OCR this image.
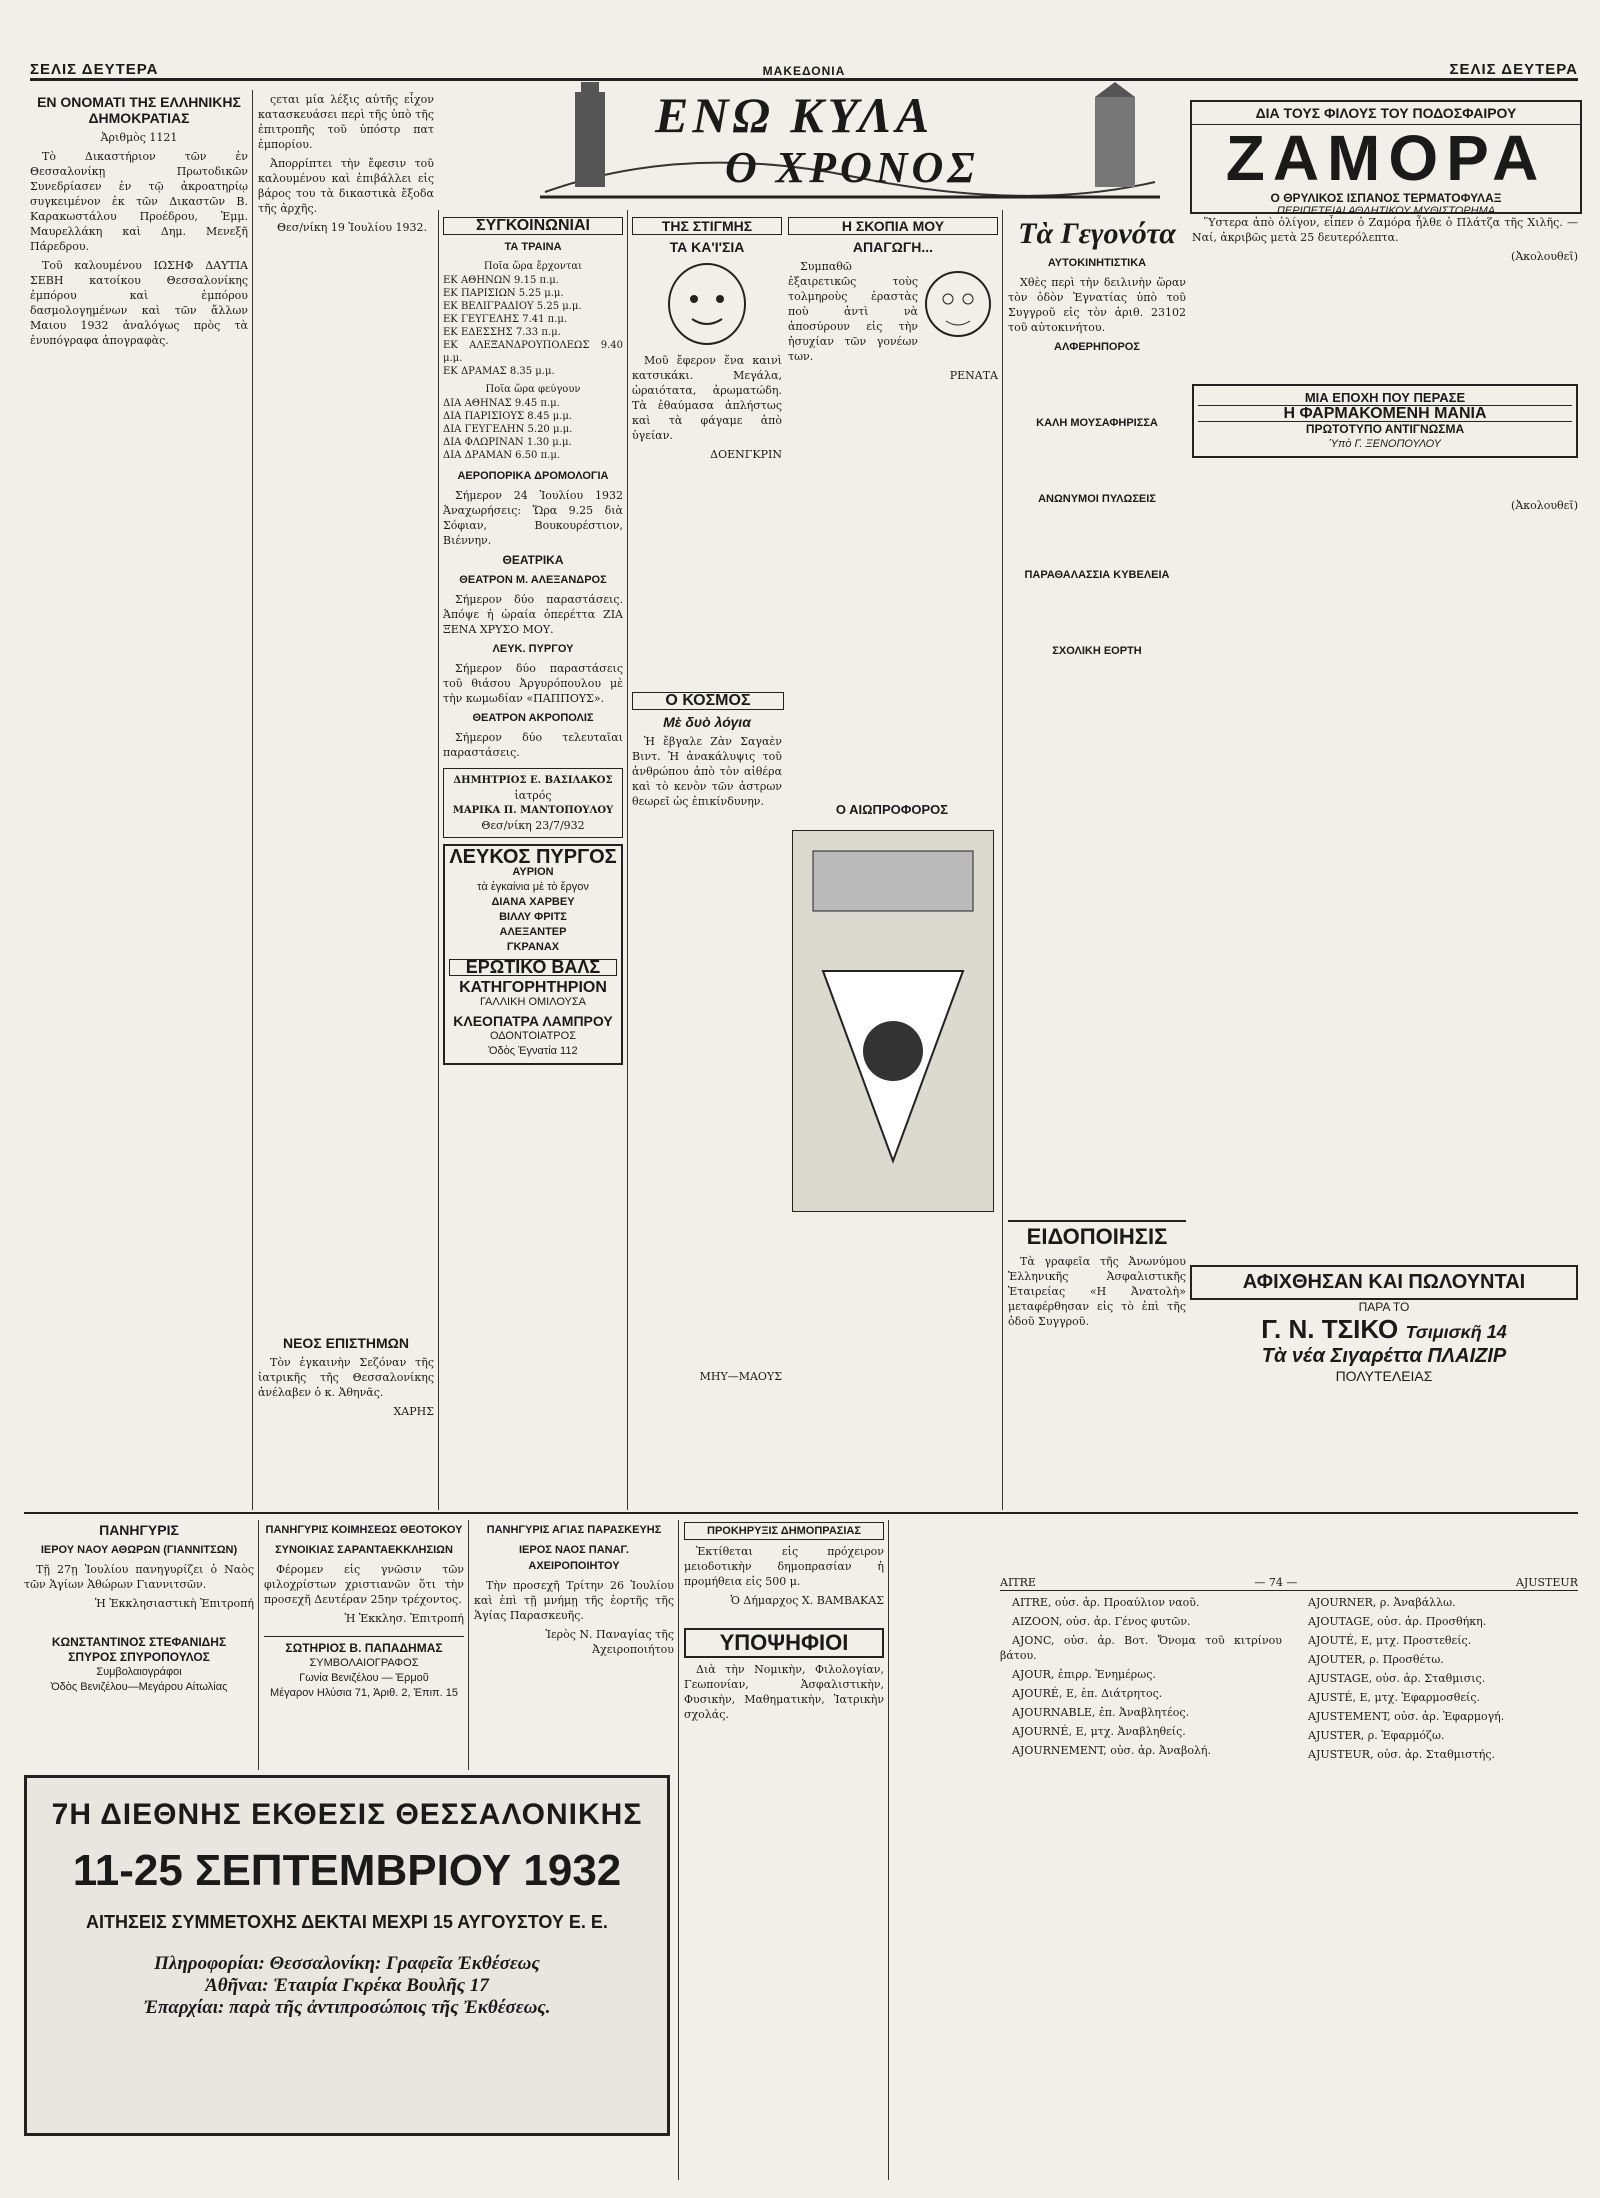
ΣΕΛΙΣ ΔΕΥΤΕΡΑ	ΜΑΚΕΔΟΝΙΑ	ΣΕΛΙΣ ΔΕΥΤΕΡΑ
ΕΝΩ ΚΥΛΑ
Ο ΧΡΟΝΟΣ
ΔΙΑ ΤΟΥΣ ΦΙΛΟΥΣ ΤΟΥ ΠΟΔΟΣΦΑΙΡΟΥ
ΖΑΜΟΡΑ
Ο ΘΡΥΛΙΚΟΣ ΙΣΠΑΝΟΣ ΤΕΡΜΑΤΟΦΥΛΑΞ
ΠΕΡΙΠΕΤΕΙΑΙ ΑΘΛΗΤΙΚΟΥ ΜΥΘΙΣΤΟΡΗΜΑ
ΕΝ ΟΝΟΜΑΤΙ ΤΗΣ ΕΛΛΗΝΙΚΗΣ ΔΗΜΟΚΡΑΤΙΑΣ

Ἀριθμὸς 1121

Τὸ Δικαστήριον τῶν ἐν Θεσσαλονίκῃ Πρωτοδικῶν Συνεδρίασεν ἐν τῷ ἀκροατηρίῳ συγκειμένον ἐκ τῶν Δικαστῶν Β. Καρακωστάλου Προέδρου, Ἐμμ. Μαυρελλάκη καὶ Δημ. Μενεξῆ Πάρεδρου.

Τοῦ καλουμένου ΙΩΣΗΦ ΔΑΥΤΙΑ ΣΕΒΗ κατοίκου Θεσσαλονίκης ἐμπόρου καὶ ἐμπόρου δασμολογημένων καὶ τῶν ἄλλων Μαιου 1932 ἀναλόγως πρὸς τὰ ἐνυπόγραφα ἀπογραφὰς.

ςεται μία λέξις αὐτῆς εἶχον κατασκευάσει περὶ τῆς ὑπὸ τῆς ἐπιτροπῆς τοῦ ὑπόστρ πατ ἐμπορίου.

Ἀπορρίπτει τὴν ἔφεσιν τοῦ καλουμένου καὶ ἐπιβάλλει εἰς βάρος του τὰ δικαστικὰ ἔξοδα τῆς ἀρχῆς.

Θεσ/νίκη 19 Ἰουλίου 1932.

ΝΕΟΣ ΕΠΙΣΤΗΜΩΝ

Τὸν ἐγκαινὴν Σεζόναν τῆς ἰατρικῆς τῆς Θεσσαλονίκης ἀνέλαβεν ὁ κ. Ἀθηνᾶς.

ΧΑΡΗΣ

ΣΥΓΚΟΙΝΩΝΙΑΙ
ΤΑ ΤΡΑΙΝΑ
Ποῖα ὥρα ἔρχονται
ΕΚ ΑΘΗΝΩΝ 9.15 π.μ.
ΕΚ ΠΑΡΙΣΙΩΝ 5.25 μ.μ.
ΕΚ ΒΕΛΙΓΡΑΔΙΟΥ 5.25 μ.μ.
ΕΚ ΓΕΥΓΕΛΗΣ 7.41 π.μ.
ΕΚ ΕΔΕΣΣΗΣ 7.33 π.μ.
ΕΚ ΑΛΕΞΑΝΔΡΟΥΠΟΛΕΩΣ 9.40 μ.μ.
ΕΚ ΔΡΑΜΑΣ 8.35 μ.μ.
Ποῖα ὥρα φεύγουν
ΔΙΑ ΑΘΗΝΑΣ 9.45 π.μ.
ΔΙΑ ΠΑΡΙΣΙΟΥΣ 8.45 μ.μ.
ΔΙΑ ΓΕΥΓΕΛΗΝ 5.20 μ.μ.
ΔΙΑ ΦΛΩΡΙΝΑΝ 1.30 μ.μ.
ΔΙΑ ΔΡΑΜΑΝ 6.50 π.μ.
ΑΕΡΟΠΟΡΙΚΑ ΔΡΟΜΟΛΟΓΙΑ

Σήμερον 24 Ἰουλίου 1932 Ἀναχωρήσεις: Ὥρα 9.25 διὰ Σόφιαν, Βουκουρέστιον, Βιέννην.

ΘΕΑΤΡΙΚΑ
ΘΕΑΤΡΟΝ Μ. ΑΛΕΞΑΝΔΡΟΣ

Σήμερον δύο παραστάσεις. Ἀπόψε ἡ ὡραία ὀπερέττα ΖΙΑ ΞΕΝΑ ΧΡΥΣΟ ΜΟΥ.

ΛΕΥΚ. ΠΥΡΓΟΥ

Σήμερον δύο παραστάσεις τοῦ θιάσου Ἀργυρόπουλου μὲ τὴν κωμωδίαν «ΠΑΠΠΟΥΣ».

ΘΕΑΤΡΟΝ ΑΚΡΟΠΟΛΙΣ

Σήμερον δύο τελευταῖαι παραστάσεις.

ΔΗΜΗΤΡΙΟΣ Ε. ΒΑΣΙΛΑΚΟΣ
ἰατρός
ΜΑΡΙΚΑ Π. ΜΑΝΤΟΠΟΥΛΟΥ
Θεσ/νίκη 23/7/932
ΛΕΥΚΟΣ ΠΥΡΓΟΣ
ΑΥΡΙΟΝ
τὰ ἐγκαίνια μὲ τὸ ἔργον
ΔΙΑΝΑ ΧΑΡΒΕΥ
ΒΙΛΛΥ ΦΡΙΤΣ
ΑΛΕΞΑΝΤΕΡ
ΓΚΡΑΝΑΧ
ΕΡΩΤΙΚΟ ΒΑΛΣ
ΚΑΤΗΓΟΡΗΤΗΡΙΟΝ
ΓΑΛΛΙΚΗ ΟΜΙΛΟΥΣΑ
ΚΛΕΟΠΑΤΡΑ ΛΑΜΠΡΟΥ
ΟΔΟΝΤΟΙΑΤΡΟΣ
Ὁδὸς Ἐγνατία 112
ΤΗΣ ΣΤΙΓΜΗΣ
ΤΑ ΚΑ'Ι'ΣΙΑ

Μοῦ ἔφερον ἕνα καινὶ κατσικάκι. Μεγάλα, ὡραιότατα, ἀρωματώδη. Τὰ ἐθαύμασα ἀπλήστως καὶ τὰ φάγαμε ἀπὸ ὑγείαν.

ΔΟΕΝΓΚΡΙΝ

Η ΣΚΟΠΙΑ ΜΟΥ
ΑΠΑΓΩΓΗ...

Συμπαθῶ ἐξαιρετικῶς τοὺς τολμηροὺς ἐραστὰς ποὺ ἀντὶ νὰ ἀποσύρουν εἰς τὴν ἡσυχίαν τῶν γονέων των.

ΡΕΝΑΤΑ

Ο ΚΟΣΜΟΣ
Μὲ δυὸ λόγια

Ἡ ἔβγαλε Ζὰν Σαγαὲν Βιντ. Ἡ ἀνακάλυψις τοῦ ἀνθρώπου ἀπὸ τὸν αἰθέρα καὶ τὸ κενὸν τῶν ἀστρων θεωρεῖ ὡς ἐπικίνδυνην.

ΜΗΥ—ΜΑΟΥΣ

Ο ΑΙΩΠΡΟΦΟΡΟΣ
Τὰ Γεγονότα
ΑΥΤΟΚΙΝΗΤΙΣΤΙΚΑ

Χθὲς περὶ τὴν δειλινὴν ὥραν τὸν ὁδὸν Ἐγνατίας ὑπὸ τοῦ Συγγροῦ εἰς τὸν ἀριθ. 23102 τοῦ αὐτοκινήτου.

ΑΛΦΕΡΗΠΟΡΟΣ
ΚΑΛΗ ΜΟΥΣΑΦΗΡΙΣΣΑ
ΑΝΩΝΥΜΟΙ ΠΥΛΩΣΕΙΣ
ΠΑΡΑΘΑΛΑΣΣΙΑ ΚΥΒΕΛΕΙΑ
ΣΧΟΛΙΚΗ ΕΟΡΤΗ

Ὕστερα ἀπὸ ὀλίγον, εἶπεν ὁ Ζαμόρα ἦλθε ὁ Πλάτζα τῆς Χιλῆς. — Ναί, ἀκριβῶς μετὰ 25 δευτερόλεπτα.

(Ἀκολουθεῖ)

ΜΙΑ ΕΠΟΧΗ ΠΟΥ ΠΕΡΑΣΕ
Η ΦΑΡΜΑΚΟΜΕΝΗ ΜΑΝΙΑ
ΠΡΩΤΟΤΥΠΟ ΑΝΤΙΓΝΩΣΜΑ
Ὑπὸ Γ. ΞΕΝΟΠΟΥΛΟΥ

(Ἀκολουθεῖ)

ΕΙΔΟΠΟΙΗΣΙΣ

Τὰ γραφεῖα τῆς Ἀνωνύμου Ἑλληνικῆς Ἀσφαλιστικῆς Ἑταιρείας «Η Ἀνατολὴ» μεταφέρθησαν εἰς τὸ ἐπὶ τῆς ὁδοῦ Συγγροῦ.

ΑΦΙΧΘΗΣΑΝ ΚΑΙ ΠΩΛΟΥΝΤΑΙ
ΠΑΡΑ ΤΟ
Γ. Ν. ΤΣΙΚΟ Τσιμισκῆ 14
Τὰ νέα Σιγαρέττα ΠΛΑΙΖΙΡ
ΠΟΛΥΤΕΛΕΙΑΣ
ΠΑΝΗΓΥΡΙΣ
ΙΕΡΟΥ ΝΑΟΥ ΑΘΩΡΩΝ (ΓΙΑΝΝΙΤΣΩΝ)

Τῇ 27ῃ Ἰουλίου πανηγυρίζει ὁ Ναὸς τῶν Ἁγίων Ἀθώρων Γιαννιτσῶν.

Ἡ Ἐκκλησιαστικὴ Ἐπιτροπή

ΚΩΝΣΤΑΝΤΙΝΟΣ ΣΤΕΦΑΝΙΔΗΣ
ΣΠΥΡΟΣ ΣΠΥΡΟΠΟΥΛΟΣ
Συμβολαιογράφοι
Ὁδὸς Βενιζέλου—Μεγάρου Αἰτωλίας
ΠΑΝΗΓΥΡΙΣ ΚΟΙΜΗΣΕΩΣ ΘΕΟΤΟΚΟΥ
ΣΥΝΟΙΚΙΑΣ ΣΑΡΑΝΤΑΕΚΚΛΗΣΙΩΝ

Φέρομεν εἰς γνῶσιν τῶν φιλοχρίστων χριστιανῶν ὅτι τὴν προσεχῆ Δευτέραν 25ην τρέχοντος.

Ἡ Ἐκκλησ. Ἐπιτροπή

ΣΩΤΗΡΙΟΣ Β. ΠΑΠΑΔΗΜΑΣ
ΣΥΜΒΟΛΑΙΟΓΡΑΦΟΣ
Γωνία Βενιζέλου — Ἑρμοῦ
Μέγαρον Ηλύσια 71, Ἀριθ. 2, Ἐπιπ. 15
ΠΑΝΗΓΥΡΙΣ ΑΓΙΑΣ ΠΑΡΑΣΚΕΥΗΣ
ΙΕΡΟΣ ΝΑΟΣ ΠΑΝΑΓ. ΑΧΕΙΡΟΠΟΙΗΤΟΥ

Τὴν προσεχῆ Τρίτην 26 Ἰουλίου καὶ ἐπὶ τῇ μνήμῃ τῆς ἑορτῆς τῆς Ἁγίας Παρασκευῆς.

Ἱερὸς Ν. Παναγίας τῆς Ἀχειροποιήτου

ΠΡΟΚΗΡΥΞΙΣ ΔΗΜΟΠΡΑΣΙΑΣ

Ἐκτίθεται εἰς πρόχειρον μειοδοτικὴν δημοπρασίαν ἡ προμήθεια εἰς 500 μ.

Ὁ Δήμαρχος Χ. ΒΑΜΒΑΚΑΣ

ΥΠΟΨΗΦΙΟΙ

Διὰ τὴν Νομικὴν, Φιλολογίαν, Γεωπονίαν, Ἀσφαλιστικὴν, Φυσικὴν, Μαθηματικὴν, Ἰατρικὴν σχολάς.

AITRE	— 74 —	AJUSTEUR

AITRE, οὐσ. ἀρ. Προαύλιον ναοῦ.

AIZOON, οὐσ. ἀρ. Γένος φυτῶν.

AJONC, οὐσ. ἀρ. Βοτ. Ὄνομα τοῦ κιτρίνου βάτου.

AJOUR, ἐπιρρ. Ἐνημέρως.

AJOURÉ, E, ἐπ. Διάτρητος.

AJOURNABLE, ἐπ. Ἀναβλητέος.

AJOURNÉ, E, μτχ. Ἀναβληθείς.

AJOURNEMENT, οὐσ. ἀρ. Ἀναβολή.

AJOURNER, ρ. Ἀναβάλλω.

AJOUTAGE, οὐσ. ἀρ. Προσθήκη.

AJOUTÉ, E, μτχ. Προστεθείς.

AJOUTER, ρ. Προσθέτω.

AJUSTAGE, οὐσ. ἀρ. Σταθμισις.

AJUSTÉ, E, μτχ. Ἐφαρμοσθείς.

AJUSTEMENT, οὐσ. ἀρ. Ἐφαρμογή.

AJUSTER, ρ. Ἐφαρμόζω.

AJUSTEUR, οὐσ. ἀρ. Σταθμιστής.

7Η ΔΙΕΘΝΗΣ ΕΚΘΕΣΙΣ ΘΕΣΣΑΛΟΝΙΚΗΣ
11-25 ΣΕΠΤΕΜΒΡΙΟΥ 1932
ΑΙΤΗΣΕΙΣ ΣΥΜΜΕΤΟΧΗΣ ΔΕΚΤΑΙ ΜΕΧΡΙ 15 ΑΥΓΟΥΣΤΟΥ Ε. Ε.
Πληροφορίαι: Θεσσαλονίκη: Γραφεῖα Ἐκθέσεως
Ἀθῆναι: Ἑταιρία Γκρέκα Βουλῆς 17
Ἐπαρχίαι: παρὰ τῆς ἀντιπροσώποις τῆς Ἐκθέσεως.
